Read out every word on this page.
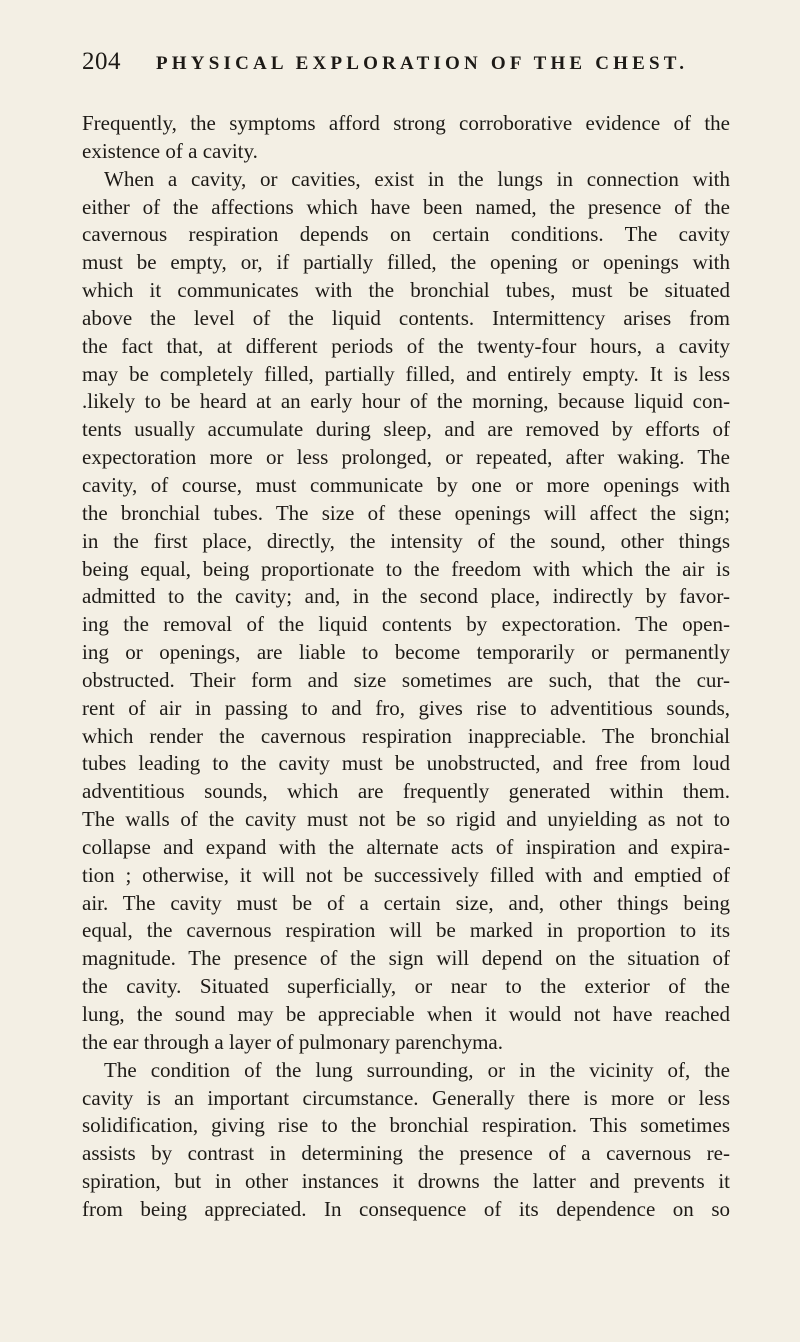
204	PHYSICAL EXPLORATION OF THE CHEST.
Frequently, the symptoms afford strong corroborative evidence of the
existence of a cavity.
When a cavity, or cavities, exist in the lungs in connection with
either of the affections which have been named, the presence of the
cavernous respiration depends on certain conditions. The cavity
must be empty, or, if partially filled, the opening or openings with
which it communicates with the bronchial tubes, must be situated
above the level of the liquid contents. Intermittency arises from
the fact that, at different periods of the twenty-four hours, a cavity
may be completely filled, partially filled, and entirely empty. It is less
.likely to be heard at an early hour of the morning, because liquid con-
tents usually accumulate during sleep, and are removed by efforts of
expectoration more or less prolonged, or repeated, after waking. The
cavity, of course, must communicate by one or more openings with
the bronchial tubes. The size of these openings will affect the sign;
in the first place, directly, the intensity of the sound, other things
being equal, being proportionate to the freedom with which the air is
admitted to the cavity; and, in the second place, indirectly by favor-
ing the removal of the liquid contents by expectoration. The open-
ing or openings, are liable to become temporarily or permanently
obstructed. Their form and size sometimes are such, that the cur-
rent of air in passing to and fro, gives rise to adventitious sounds,
which render the cavernous respiration inappreciable. The bronchial
tubes leading to the cavity must be unobstructed, and free from loud
adventitious sounds, which are frequently generated within them.
The walls of the cavity must not be so rigid and unyielding as not to
collapse and expand with the alternate acts of inspiration and expira-
tion ; otherwise, it will not be successively filled with and emptied of
air. The cavity must be of a certain size, and, other things being
equal, the cavernous respiration will be marked in proportion to its
magnitude. The presence of the sign will depend on the situation of
the cavity. Situated superficially, or near to the exterior of the
lung, the sound may be appreciable when it would not have reached
the ear through a layer of pulmonary parenchyma.
The condition of the lung surrounding, or in the vicinity of, the
cavity is an important circumstance. Generally there is more or less
solidification, giving rise to the bronchial respiration. This sometimes
assists by contrast in determining the presence of a cavernous re-
spiration, but in other instances it drowns the latter and prevents it
from being appreciated. In consequence of its dependence on so
